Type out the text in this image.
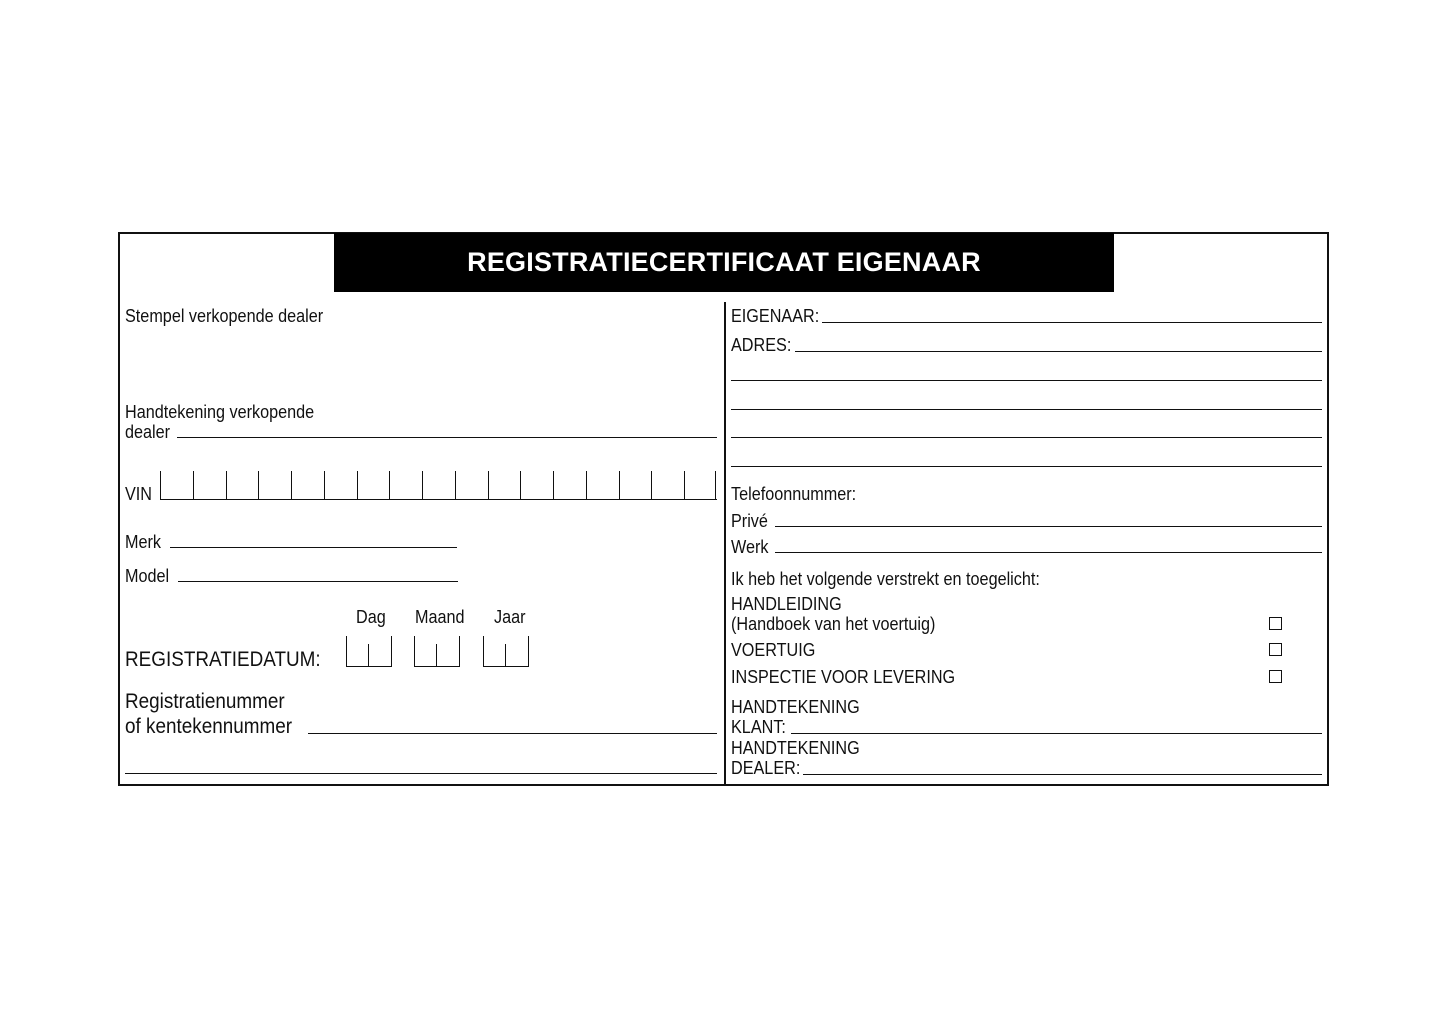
REGISTRATIECERTIFICAAT EIGENAAR
Stempel verkopende dealer
Handtekening verkopende
dealer
VIN
Merk
Model
Dag Maand Jaar
REGISTRATIEDATUM:
Registratienummer
of kentekennummer
EIGENAAR:
ADRES:
Telefoonnummer:
Privé
Werk
Ik heb het volgende verstrekt en toegelicht:
HANDLEIDING
(Handboek van het voertuig)
VOERTUIG
INSPECTIE VOOR LEVERING
HANDTEKENING
KLANT:
HANDTEKENING
DEALER:
